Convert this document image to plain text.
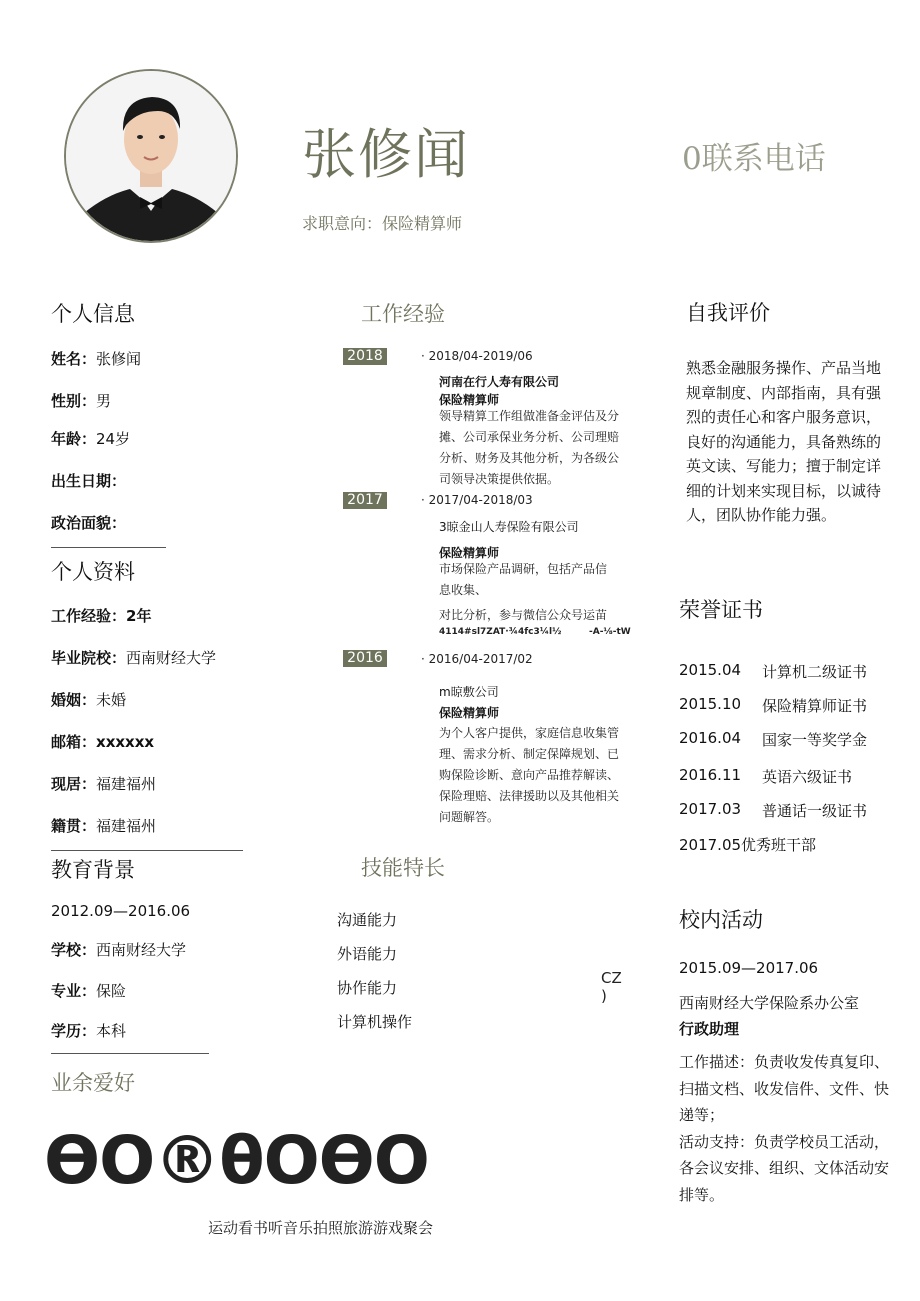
张修闻
求职意向：保险精算师
0联系电话
个人信息
姓名：张修闻
性别：男
年龄：24岁
出生日期：
政治面貌：
个人资料
工作经验：2年
毕业院校：西南财经大学
婚姻：未婚
邮箱：xxxxxx
现居：福建福州
籍贯：福建福州
教育背景
2012.09—2016.06
学校：西南财经大学
专业：保险
学历：本科
业余爱好
ϴ O ® θ O ϴ O
运动看书听音乐拍照旅游游戏聚会
工作经验
2018	· 2018/04-2019/06
河南在行人寿有限公司
保险精算师
领导精算工作组做准备金评估及分
摊、公司承保业务分析、公司理赔
分析、财务及其他分析，为各级公
司领导决策提供依据。
2017	· 2017/04-2018/03
3晾金山人寿保险有限公司
保险精算师
市场保险产品调研，包括产品信
息收集、
对比分析，参与微信公众号运苗
4114#sl7ZAT·¾4fc3¼l½	-A-⅛-tW
2016	· 2016/04-2017/02
m晾敷公司
保险精算师
为个人客户提供，家庭信息收集管
理、需求分析、制定保障规划、已
购保险诊断、意向产品推荐解读、
保险理赔、法律援助以及其他相关
问题解答。
技能特长
沟通能力
外语能力
协作能力
计算机操作
CZ
)
自我评价
熟悉金融服务操作、产品当地
规章制度、内部指南，具有强
烈的责任心和客户服务意识，
良好的沟通能力，具备熟练的
英文读、写能力；擅于制定详
细的计划来实现目标，以诚待
人，团队协作能力强。
荣誉证书
2015.04 计算机二级证书
2015.10 保险精算师证书
2016.04 国家一等奖学金
2016.11 英语六级证书
2017.03 普通话一级证书
2017.05优秀班干部
校内活动
2015.09—2017.06
西南财经大学保险系办公室
行政助理
工作描述：负责收发传真复印、
扫描文档、收发信件、文件、快
递等；
活动支持：负责学校员工活动，
各会议安排、组织、文体活动安
排等。
